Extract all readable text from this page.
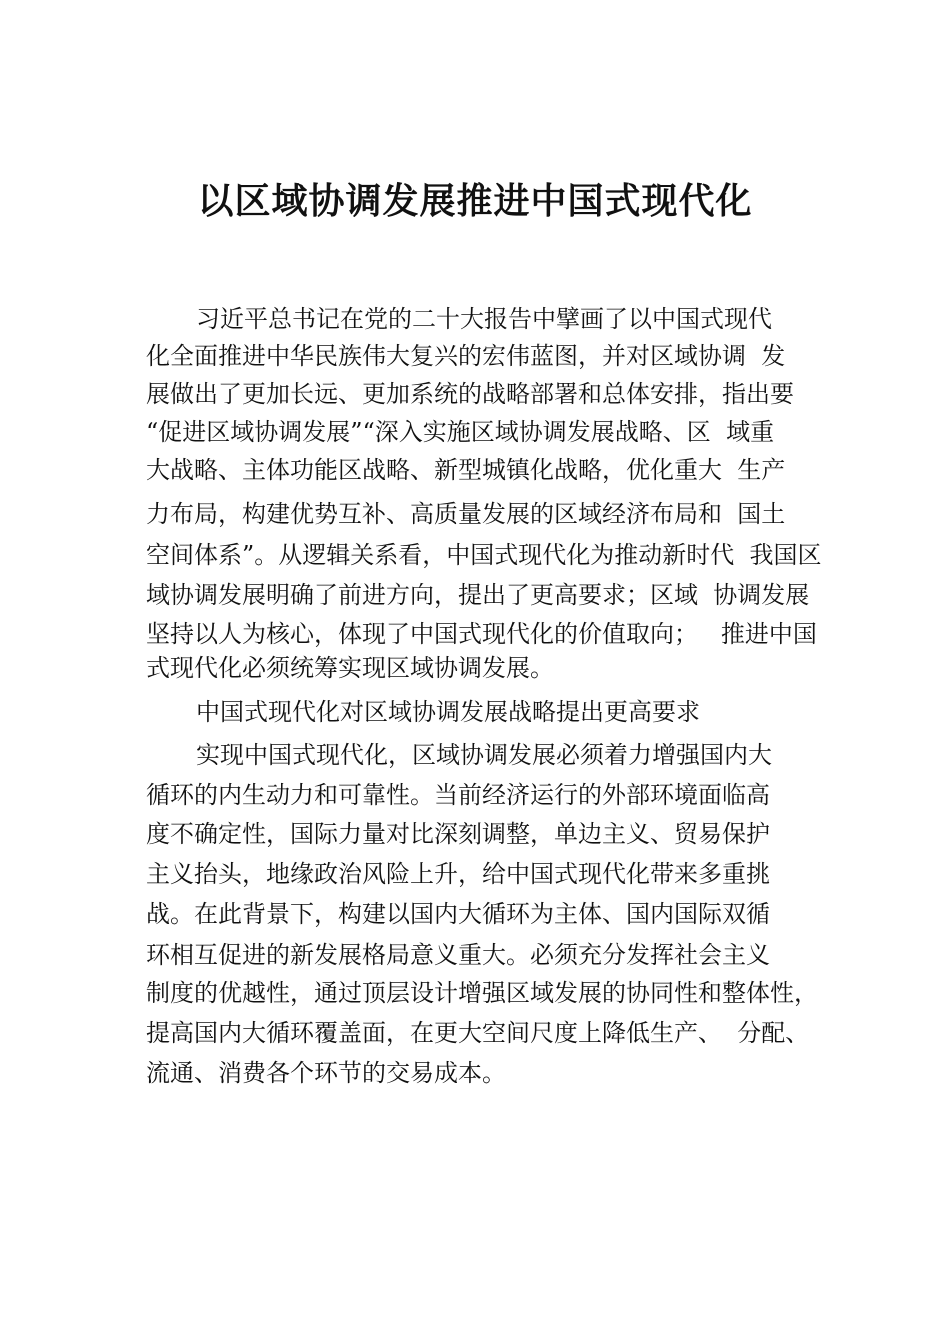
以区域协调发展推进中国式现代化

习近平总书记在党的二十大报告中擘画了以中国式现代

化全面推进中华民族伟大复兴的宏伟蓝图，并对区域协调  发

展做出了更加长远、更加系统的战略部署和总体安排，指出要

“促进区域协调发展”“深入实施区域协调发展战略、区  域重

大战略、主体功能区战略、新型城镇化战略，优化重大  生产

力布局，构建优势互补、高质量发展的区域经济布局和  国土

空间体系”。从逻辑关系看，中国式现代化为推动新时代  我国区

域协调发展明确了前进方向，提出了更高要求；区域  协调发展

坚持以人为核心，体现了中国式现代化的价值取向；   推进中国

式现代化必须统筹实现区域协调发展。

中国式现代化对区域协调发展战略提出更高要求

实现中国式现代化，区域协调发展必须着力增强国内大

循环的内生动力和可靠性。当前经济运行的外部环境面临高

度不确定性，国际力量对比深刻调整，单边主义、贸易保护

主义抬头，地缘政治风险上升，给中国式现代化带来多重挑

战。在此背景下，构建以国内大循环为主体、国内国际双循

环相互促进的新发展格局意义重大。必须充分发挥社会主义

制度的优越性，通过顶层设计增强区域发展的协同性和整体性，

提高国内大循环覆盖面，在更大空间尺度上降低生产、  分配、

流通、消费各个环节的交易成本。
